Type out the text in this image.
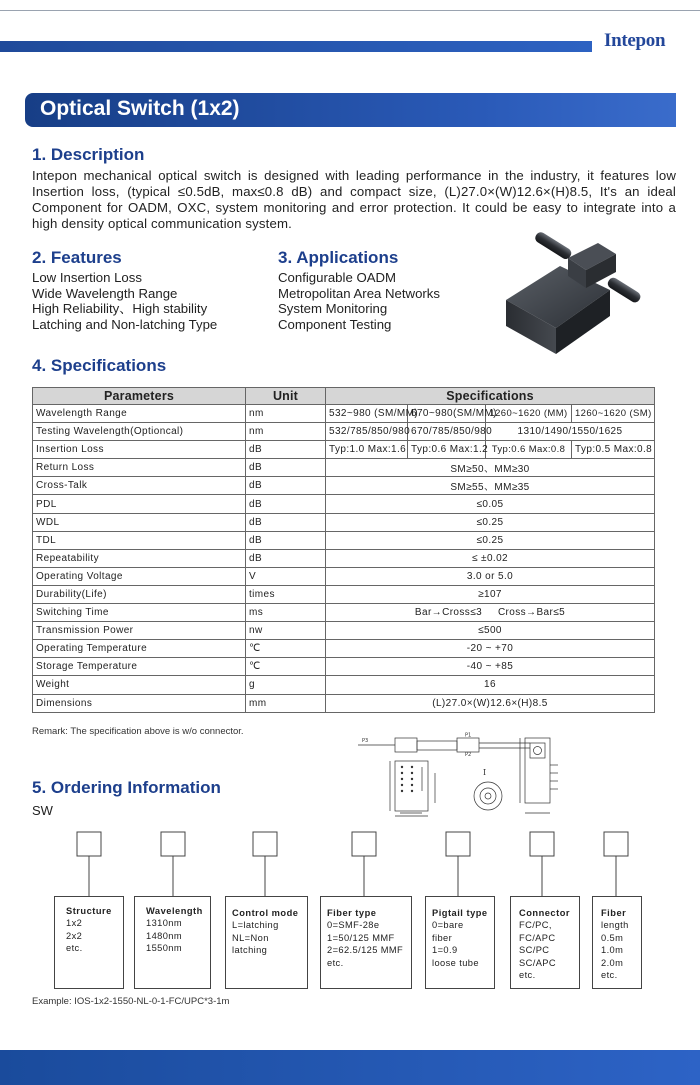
Intepon
Optical Switch (1x2)
1. Description
Intepon mechanical optical switch is designed with leading performance in the industry, it features low Insertion loss, (typical ≤0.5dB, max≤0.8 dB) and compact size, (L)27.0×(W)12.6×(H)8.5, It's an ideal Component for OADM, OXC, system monitoring and error protection. It could be easy to integrate into a high density optical communication system.
2. Features
Low Insertion Loss
Wide Wavelength Range
High Reliability、High stability
Latching and Non-latching Type
3. Applications
Configurable OADM
Metropolitan Area Networks
System Monitoring
Component Testing
4. Specifications
Parameters	Unit	Specifications			
Wavelength Range	nm	532~980 (SM/MM)	670~980(SM/MM)	1260~1620 (MM)	1260~1620 (SM)
Testing Wavelength(Optioncal)	nm	532/785/850/980	670/785/850/980	1310/1490/1550/1625	
Insertion Loss	dB	Typ:1.0 Max:1.6	Typ:0.6 Max:1.2	Typ:0.6 Max:0.8	Typ:0.5 Max:0.8
Return Loss	dB	SM≥50、MM≥30			
Cross-Talk	dB	SM≥55、MM≥35			
PDL	dB	≤0.05			
WDL	dB	≤0.25			
TDL	dB	≤0.25			
Repeatability	dB	≤ ±0.02			
Operating Voltage	V	3.0 or 5.0			
Durability(Life)	times	≥107			
Switching Time	ms	Bar→Cross≤3     Cross→Bar≤5			
Transmission Power	nw	≤500			
Operating Temperature	℃	-20 ~ +70			
Storage Temperature	℃	-40 ~ +85			
Weight	g	16			
Dimensions	mm	(L)27.0×(W)12.6×(H)8.5			
Remark: The specification above is w/o connector.
P3
P1
P2
I
5. Ordering Information
SW
Structure
1x2
2x2
etc.
Wavelength
1310nm
1480nm
1550nm
Control mode
L=latching
NL=Non
latching
Fiber type
0=SMF-28e
1=50/125 MMF
2=62.5/125 MMF
etc.
Pigtail type
0=bare
fiber
1=0.9
loose tube
Connector
FC/PC,
FC/APC
SC/PC
SC/APC
etc.
Fiber
length
0.5m
1.0m
2.0m
etc.
Example: IOS-1x2-1550-NL-0-1-FC/UPC*3-1m
